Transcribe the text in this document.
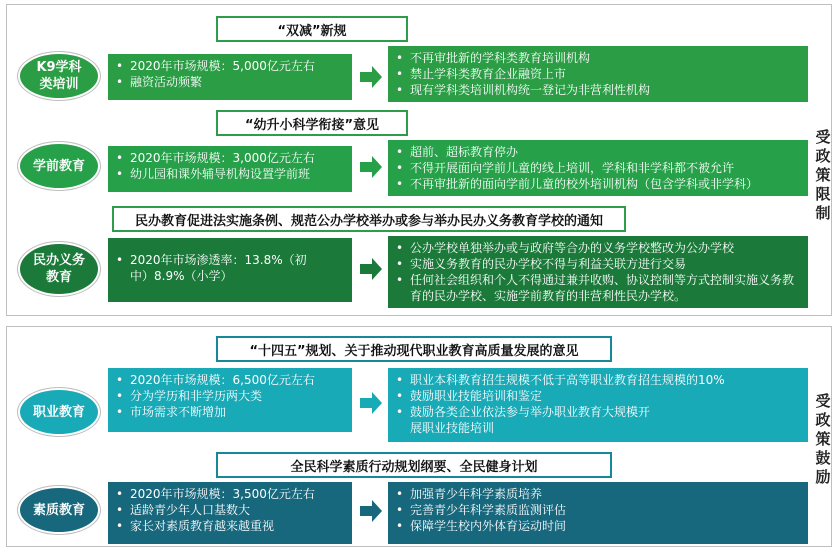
受政策限制
“双减”新规
K9学科类培训
• 2020年市场规模：5,000亿元左右
• 融资活动频繁
• 不再审批新的学科类教育培训机构
• 禁止学科类教育企业融资上市
• 现有学科类培训机构统一登记为非营利性机构
“幼升小科学衔接”意见
学前教育
• 2020年市场规模：3,000亿元左右
• 幼儿园和课外辅导机构设置学前班
• 超前、超标教育停办
• 不得开展面向学前儿童的线上培训，学科和非学科都不被允许
• 不再审批新的面向学前儿童的校外培训机构（包含学科或非学科）
民办教育促进法实施条例、规范公办学校举办或参与举办民办义务教育学校的通知
民办义务教育
• 2020年市场渗透率：13.8%（初中）8.9%（小学）
• 公办学校单独举办或与政府等合办的义务学校整改为公办学校
• 实施义务教育的民办学校不得与利益关联方进行交易
• 任何社会组织和个人不得通过兼并收购、协议控制等方式控制实施义务教育的民办学校、实施学前教育的非营利性民办学校。
受政策鼓励
“十四五”规划、关于推动现代职业教育高质量发展的意见
职业教育
• 2020年市场规模：6,500亿元左右
• 分为学历和非学历两大类
• 市场需求不断增加
• 职业本科教育招生规模不低于高等职业教育招生规模的10%
• 鼓励职业技能培训和鉴定
• 鼓励各类企业依法参与举办职业教育大规模开展职业技能培训
全民科学素质行动规划纲要、全民健身计划
素质教育
• 2020年市场规模：3,500亿元左右
• 适龄青少年人口基数大
• 家长对素质教育越来越重视
• 加强青少年科学素质培养
• 完善青少年科学素质监测评估
• 保障学生校内外体育运动时间
